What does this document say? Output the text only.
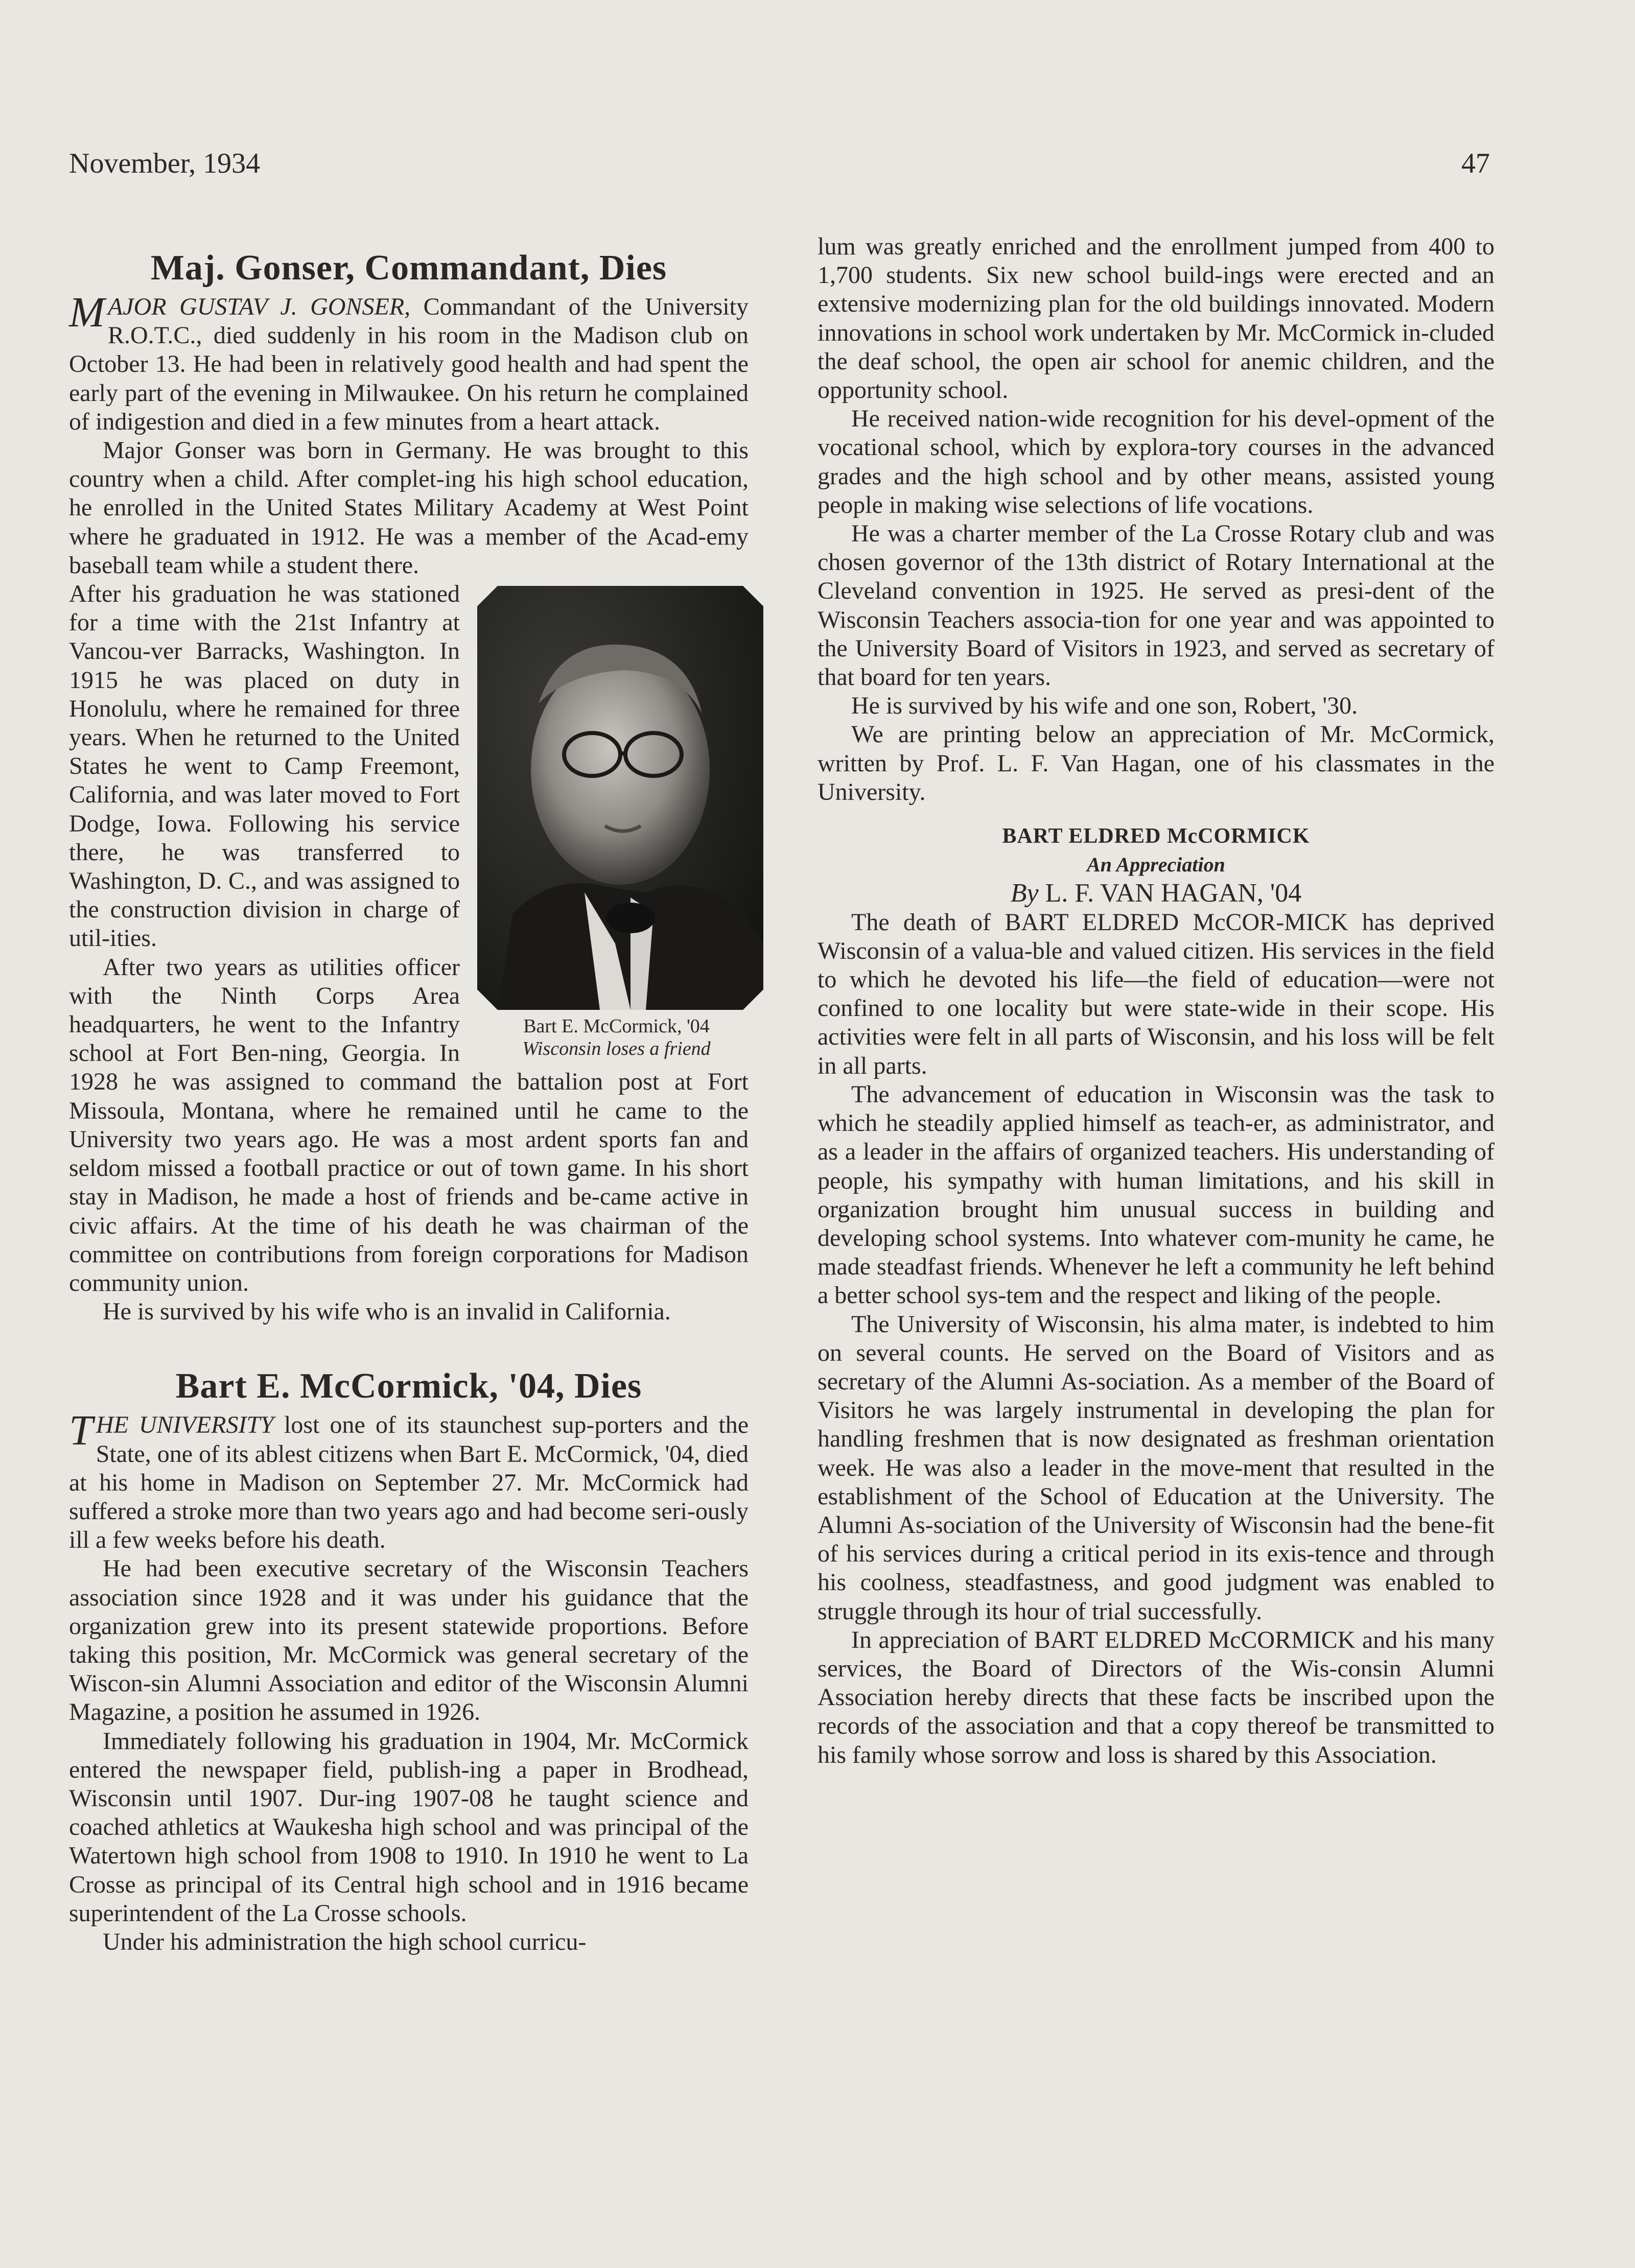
November, 1934	47
Maj. Gonser, Commandant, Dies

MAJOR GUSTAV J. GONSER, Commandant of the University R.O.T.C., died suddenly in his room in the Madison club on October 13. He had been in relatively good health and had spent the early part of the evening in Milwaukee. On his return he complained of indigestion and died in a few minutes from a heart attack.

Major Gonser was born in Germany. He was brought to this country when a child. After complet-ing his high school education, he enrolled in the United States Military Academy at West Point where he graduated in 1912. He was a member of the Acad-emy baseball team while a student there.

Bart E. McCormick, '04
Wisconsin loses a friend

After his graduation he was stationed for a time with the 21st Infantry at Vancou-ver Barracks, Washington. In 1915 he was placed on duty in Honolulu, where he remained for three years. When he returned to the United States he went to Camp Freemont, California, and was later moved to Fort Dodge, Iowa. Following his service there, he was transferred to Washington, D. C., and was assigned to the construction division in charge of util-ities.

After two years as utilities officer with the Ninth Corps Area headquarters, he went to the Infantry school at Fort Ben-ning, Georgia. In 1928 he was assigned to command the battalion post at Fort Missoula, Montana, where he remained until he came to the University two years ago. He was a most ardent sports fan and seldom missed a football practice or out of town game. In his short stay in Madison, he made a host of friends and be-came active in civic affairs. At the time of his death he was chairman of the committee on contributions from foreign corporations for Madison community union.

He is survived by his wife who is an invalid in California.

Bart E. McCormick, '04, Dies

THE UNIVERSITY lost one of its staunchest sup-porters and the State, one of its ablest citizens when Bart E. McCormick, '04, died at his home in Madison on September 27. Mr. McCormick had suffered a stroke more than two years ago and had become seri-ously ill a few weeks before his death.

He had been executive secretary of the Wisconsin Teachers association since 1928 and it was under his guidance that the organization grew into its present statewide proportions. Before taking this position, Mr. McCormick was general secretary of the Wiscon-sin Alumni Association and editor of the Wisconsin Alumni Magazine, a position he assumed in 1926.

Immediately following his graduation in 1904, Mr. McCormick entered the newspaper field, publish-ing a paper in Brodhead, Wisconsin until 1907. Dur-ing 1907-08 he taught science and coached athletics at Waukesha high school and was principal of the Watertown high school from 1908 to 1910. In 1910 he went to La Crosse as principal of its Central high school and in 1916 became superintendent of the La Crosse schools.

Under his administration the high school curricu-

lum was greatly enriched and the enrollment jumped from 400 to 1,700 students. Six new school build-ings were erected and an extensive modernizing plan for the old buildings innovated. Modern innovations in school work undertaken by Mr. McCormick in-cluded the deaf school, the open air school for anemic children, and the opportunity school.

He received nation-wide recognition for his devel-opment of the vocational school, which by explora-tory courses in the advanced grades and the high school and by other means, assisted young people in making wise selections of life vocations.

He was a charter member of the La Crosse Rotary club and was chosen governor of the 13th district of Rotary International at the Cleveland convention in 1925. He served as presi-dent of the Wisconsin Teachers associa-tion for one year and was appointed to the University Board of Visitors in 1923, and served as secretary of that board for ten years.

He is survived by his wife and one son, Robert, '30.

We are printing below an appreciation of Mr. McCormick, written by Prof. L. F. Van Hagan, one of his classmates in the University.

BART ELDRED McCORMICK

An Appreciation

By L. F. VAN HAGAN, '04

The death of BART ELDRED McCOR-MICK has deprived Wisconsin of a valua-ble and valued citizen. His services in the field to which he devoted his life—the field of education—were not confined to one locality but were state-wide in their scope. His activities were felt in all parts of Wisconsin, and his loss will be felt in all parts.

The advancement of education in Wisconsin was the task to which he steadily applied himself as teach-er, as administrator, and as a leader in the affairs of organized teachers. His understanding of people, his sympathy with human limitations, and his skill in organization brought him unusual success in building and developing school systems. Into whatever com-munity he came, he made steadfast friends. Whenever he left a community he left behind a better school sys-tem and the respect and liking of the people.

The University of Wisconsin, his alma mater, is indebted to him on several counts. He served on the Board of Visitors and as secretary of the Alumni As-sociation. As a member of the Board of Visitors he was largely instrumental in developing the plan for handling freshmen that is now designated as freshman orientation week. He was also a leader in the move-ment that resulted in the establishment of the School of Education at the University. The Alumni As-sociation of the University of Wisconsin had the bene-fit of his services during a critical period in its exis-tence and through his coolness, steadfastness, and good judgment was enabled to struggle through its hour of trial successfully.

In appreciation of BART ELDRED McCORMICK and his many services, the Board of Directors of the Wis-consin Alumni Association hereby directs that these facts be inscribed upon the records of the association and that a copy thereof be transmitted to his family whose sorrow and loss is shared by this Association.
